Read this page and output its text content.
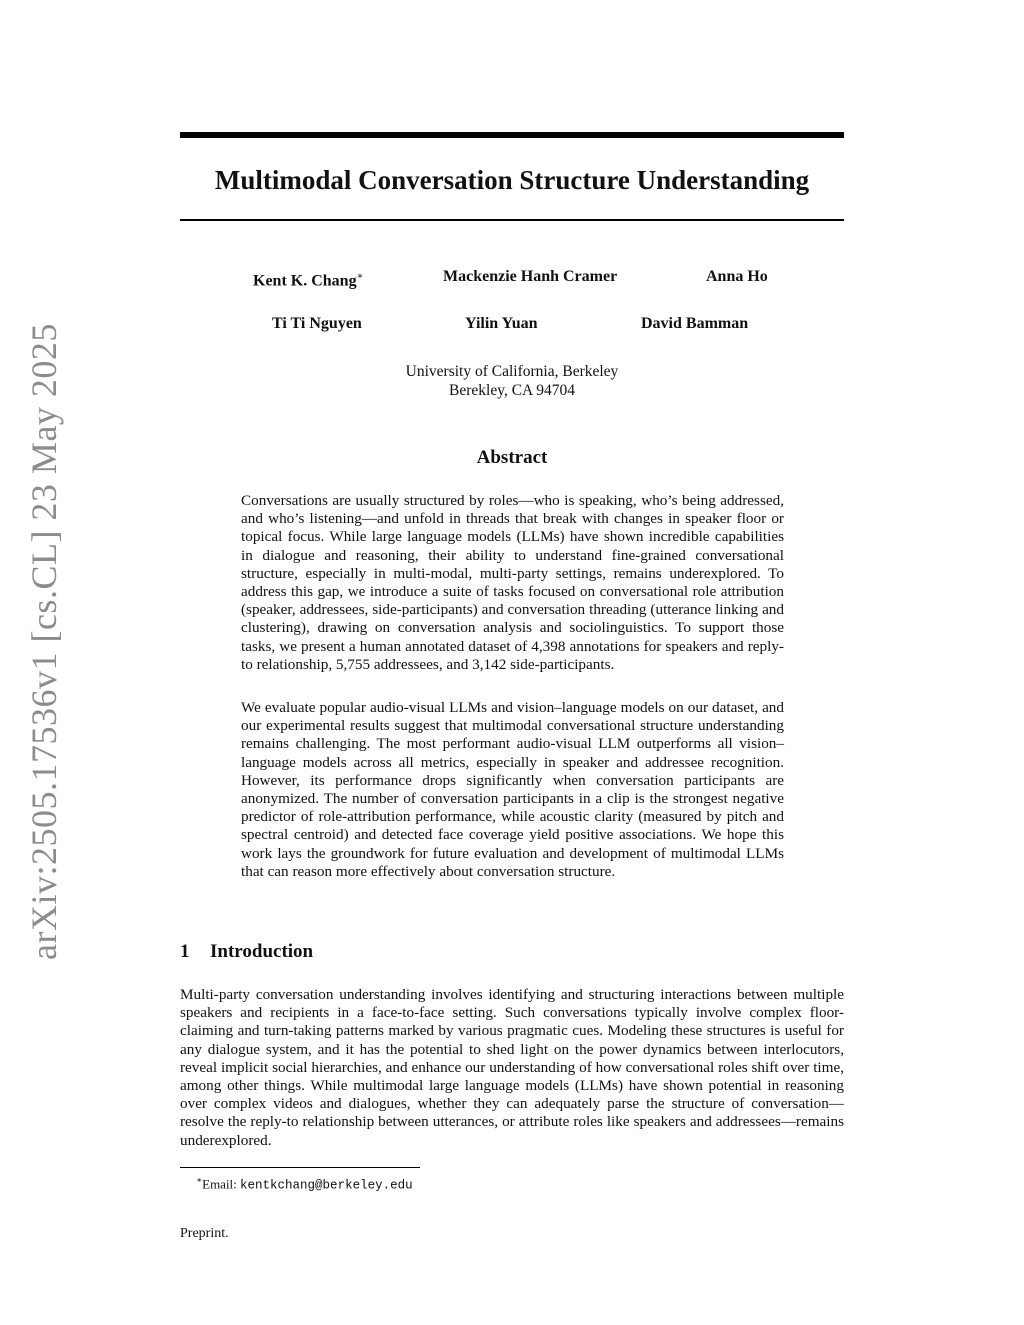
arXiv:2505.17536v1 [cs.CL] 23 May 2025
Multimodal Conversation Structure Understanding
Kent K. Chang∗	Mackenzie Hanh Cramer	Anna Ho
Ti Ti Nguyen	Yilin Yuan	David Bamman
University of California, Berkeley
Berekley, CA 94704
Abstract

Conversations are usually structured by roles—who is speaking, who’s being addressed, and who’s listening—and unfold in threads that break with changes in speaker floor or topical focus. While large language models (LLMs) have shown incredible capabilities in dialogue and reasoning, their ability to understand fine-grained conversational structure, especially in multi-modal, multi-party settings, remains underexplored. To address this gap, we introduce a suite of tasks focused on conversational role attribution (speaker, addressees, side-participants) and conversation threading (utterance linking and clustering), drawing on conversation analysis and sociolinguistics. To support those tasks, we present a human annotated dataset of 4,398 annotations for speakers and reply-to relationship, 5,755 addressees, and 3,142 side-participants.

We evaluate popular audio-visual LLMs and vision–language models on our dataset, and our experimental results suggest that multimodal conversational structure understanding remains challenging. The most performant audio-visual LLM outperforms all vision–language models across all metrics, especially in speaker and addressee recognition. However, its performance drops significantly when conversation participants are anonymized. The number of conversation participants in a clip is the strongest negative predictor of role-attribution performance, while acoustic clarity (measured by pitch and spectral centroid) and detected face coverage yield positive associations. We hope this work lays the groundwork for future evaluation and development of multimodal LLMs that can reason more effectively about conversation structure.

1 Introduction

Multi-party conversation understanding involves identifying and structuring interactions between multiple speakers and recipients in a face-to-face setting. Such conversations typically involve complex floor-claiming and turn-taking patterns marked by various pragmatic cues. Modeling these structures is useful for any dialogue system, and it has the potential to shed light on the power dynamics between interlocutors, reveal implicit social hierarchies, and enhance our understanding of how conversational roles shift over time, among other things. While multimodal large language models (LLMs) have shown potential in reasoning over complex videos and dialogues, whether they can adequately parse the structure of conversation—resolve the reply-to relationship between utterances, or attribute roles like speakers and addressees—remains underexplored.

∗Email: kentkchang@berkeley.edu
Preprint.
